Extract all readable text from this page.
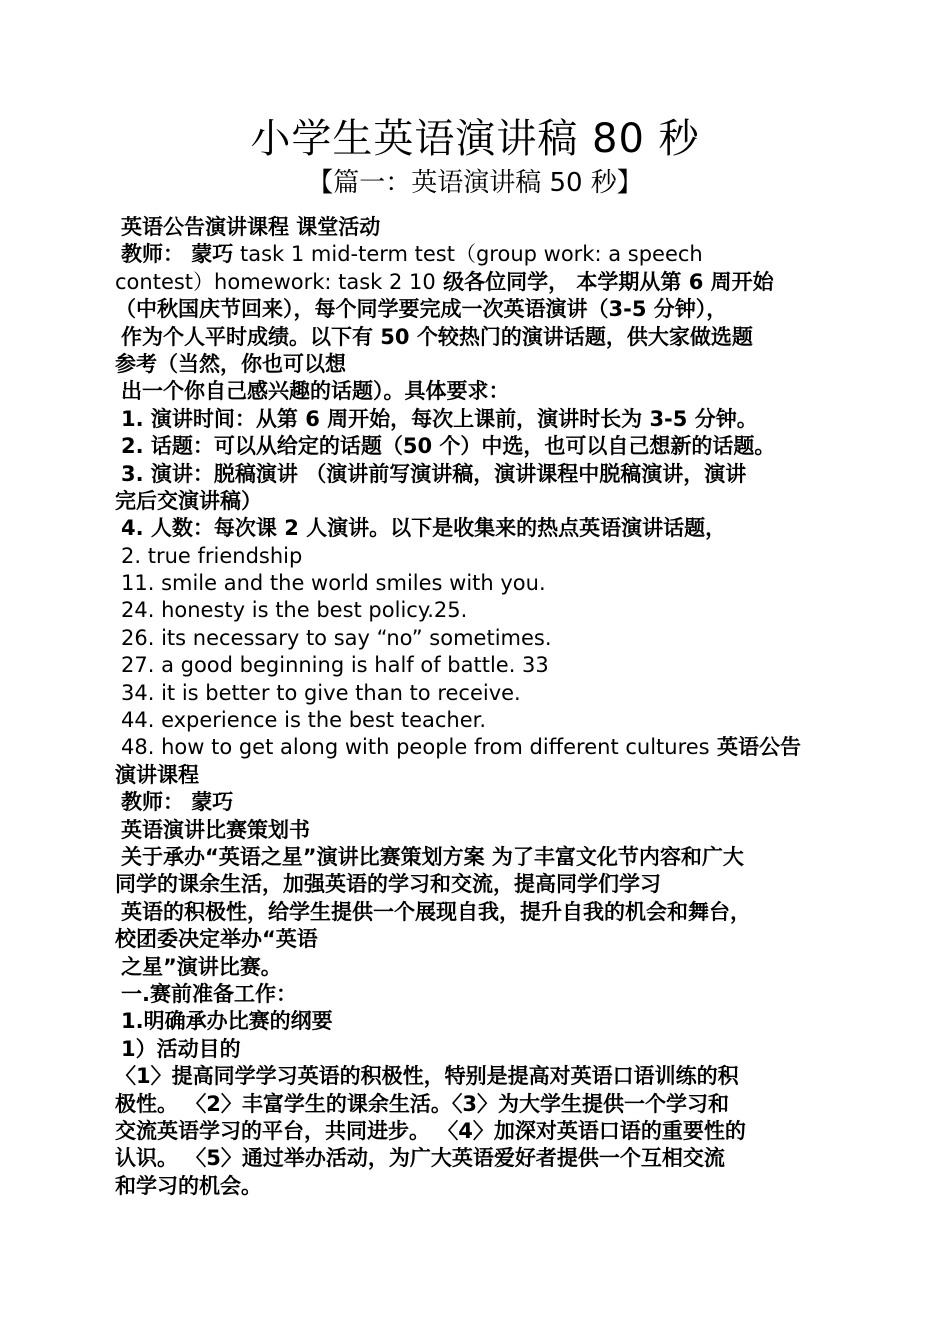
小学生英语演讲稿 80 秒
【篇一：英语演讲稿 50 秒】
英语公告演讲课程 课堂活动
教师： 蒙巧 task 1 mid-term test（group work: a speech
contest）homework: task 2 10 级各位同学， 本学期从第 6 周开始
（中秋国庆节回来），每个同学要完成一次英语演讲（3-5 分钟），
作为个人平时成绩。以下有 50 个较热门的演讲话题，供大家做选题
参考（当然，你也可以想
出一个你自己感兴趣的话题）。具体要求：
1. 演讲时间：从第 6 周开始，每次上课前，演讲时长为 3-5 分钟。
2. 话题：可以从给定的话题（50 个）中选，也可以自己想新的话题。
3. 演讲：脱稿演讲 （演讲前写演讲稿，演讲课程中脱稿演讲，演讲
完后交演讲稿）
4. 人数：每次课 2 人演讲。以下是收集来的热点英语演讲话题，
2. true friendship
11. smile and the world smiles with you.
24. honesty is the best policy.25.
26. its necessary to say “no” sometimes.
27. a good beginning is half of battle. 33
34. it is better to give than to receive.
44. experience is the best teacher.
48. how to get along with people from different cultures 英语公告
演讲课程
教师： 蒙巧
英语演讲比赛策划书
关于承办“英语之星”演讲比赛策划方案 为了丰富文化节内容和广大
同学的课余生活，加强英语的学习和交流，提高同学们学习
英语的积极性，给学生提供一个展现自我，提升自我的机会和舞台，
校团委决定举办“英语
之星”演讲比赛。
一.赛前准备工作：
1.明确承办比赛的纲要
1）活动目的
〈1〉提高同学学习英语的积极性，特别是提高对英语口语训练的积
极性。 〈2〉丰富学生的课余生活。〈3〉为大学生提供一个学习和
交流英语学习的平台，共同进步。 〈4〉加深对英语口语的重要性的
认识。 〈5〉通过举办活动，为广大英语爱好者提供一个互相交流
和学习的机会。
